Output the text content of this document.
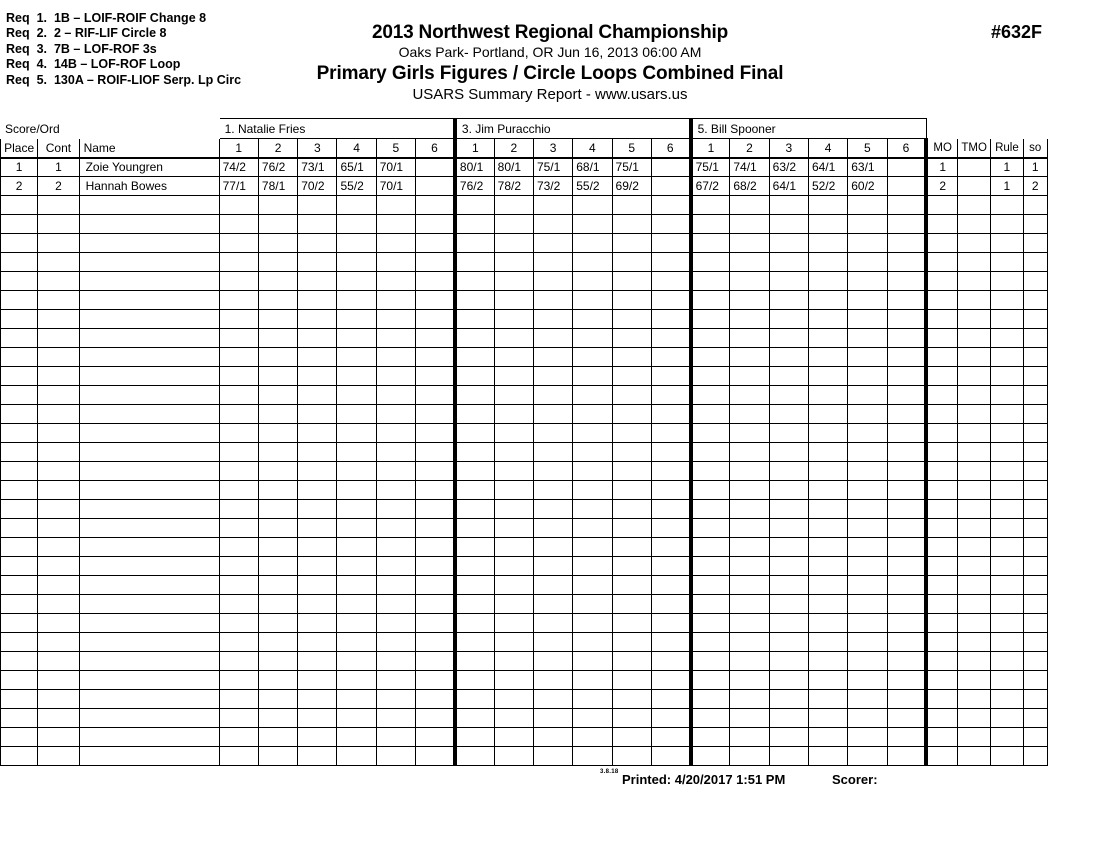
Req 1. 1B – LOIF-ROIF Change 8
Req 2. 2 – RIF-LIF Circle 8
Req 3. 7B – LOF-ROF 3s
Req 4. 14B – LOF-ROF Loop
Req 5. 130A – ROIF-LIOF Serp. Lp Circ
2013 Northwest Regional Championship
Oaks Park- Portland, OR Jun 16, 2013 06:00 AM
Primary Girls Figures / Circle Loops Combined Final
USARS Summary Report - www.usars.us
#632F
Score/Ord			1. Natalie Fries						3. Jim Puracchio						5. Bill Spooner									
Place	Cont	Name	1	2	3	4	5	6	1	2	3	4	5	6	1	2	3	4	5	6	MO	TMO	Rule	so
1	1	Zoie Youngren	74/2	76/2	73/1	65/1	70/1		80/1	80/1	75/1	68/1	75/1		75/1	74/1	63/2	64/1	63/1		1		1	1
2	2	Hannah Bowes	77/1	78/1	70/2	55/2	70/1		76/2	78/2	73/2	55/2	69/2		67/2	68/2	64/1	52/2	60/2		2		1	2

3.8.18 Printed: 4/20/2017 1:51 PM	Scorer:
